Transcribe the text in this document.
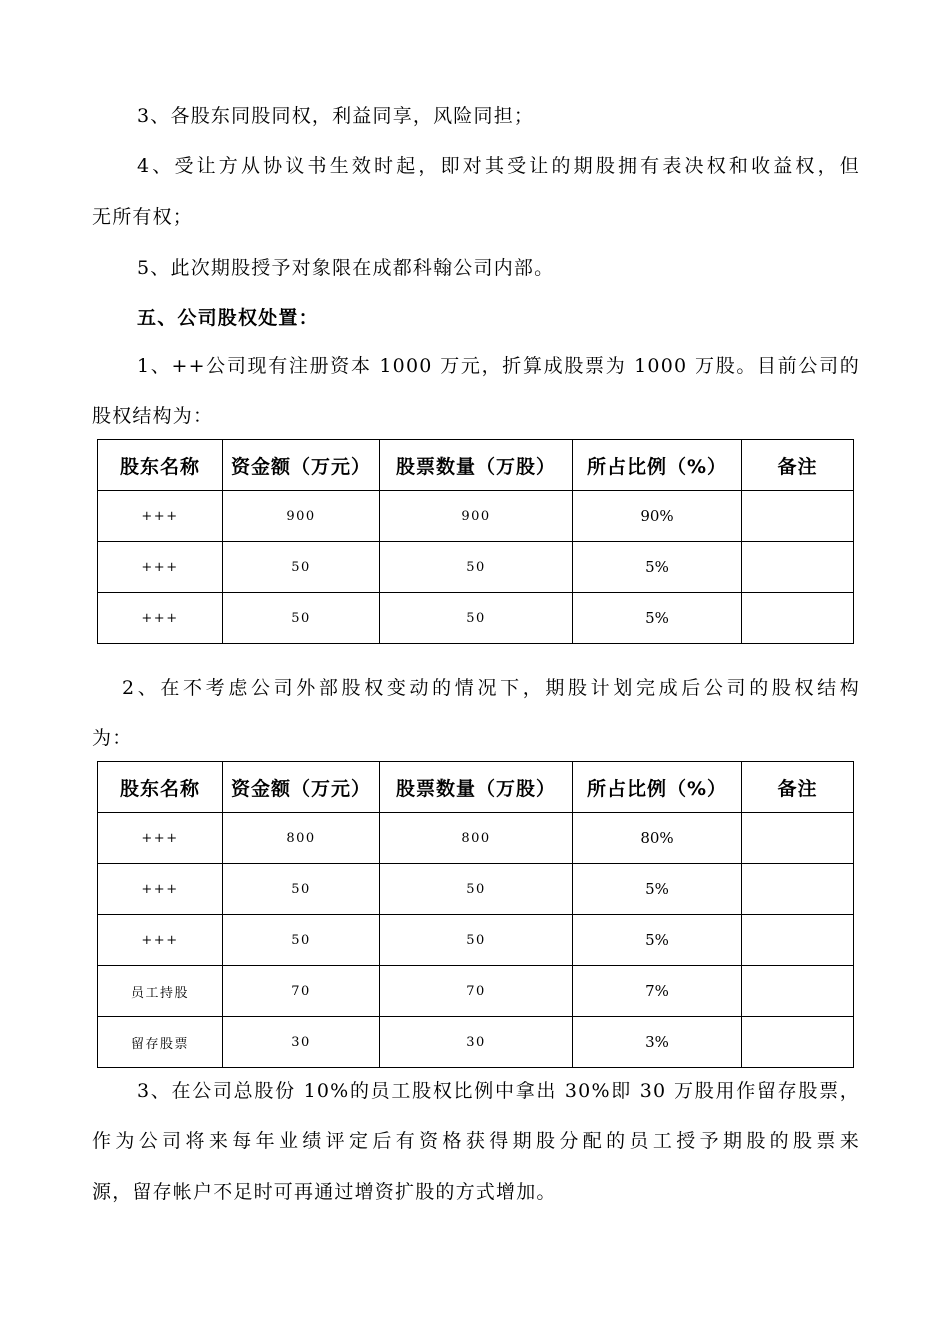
3、各股东同股同权，利益同享，风险同担；
4、受让方从协议书生效时起，即对其受让的期股拥有表决权和收益权，但
无所有权；
5、此次期股授予对象限在成都科翰公司内部。
五、公司股权处置：
1、++公司现有注册资本 1000 万元，折算成股票为 1000 万股。目前公司的
股权结构为：
股东名称	资金额（万元）	股票数量（万股）	所占比例（%）	备注
+++	900	900	90%	
+++	50	50	5%	
+++	50	50	5%	
2、在不考虑公司外部股权变动的情况下，期股计划完成后公司的股权结构
为：
股东名称	资金额（万元）	股票数量（万股）	所占比例（%）	备注
+++	800	800	80%	
+++	50	50	5%	
+++	50	50	5%	
员工持股	70	70	7%	
留存股票	30	30	3%	
3、在公司总股份 10%的员工股权比例中拿出 30%即 30 万股用作留存股票，
作为公司将来每年业绩评定后有资格获得期股分配的员工授予期股的股票来
源，留存帐户不足时可再通过增资扩股的方式增加。
